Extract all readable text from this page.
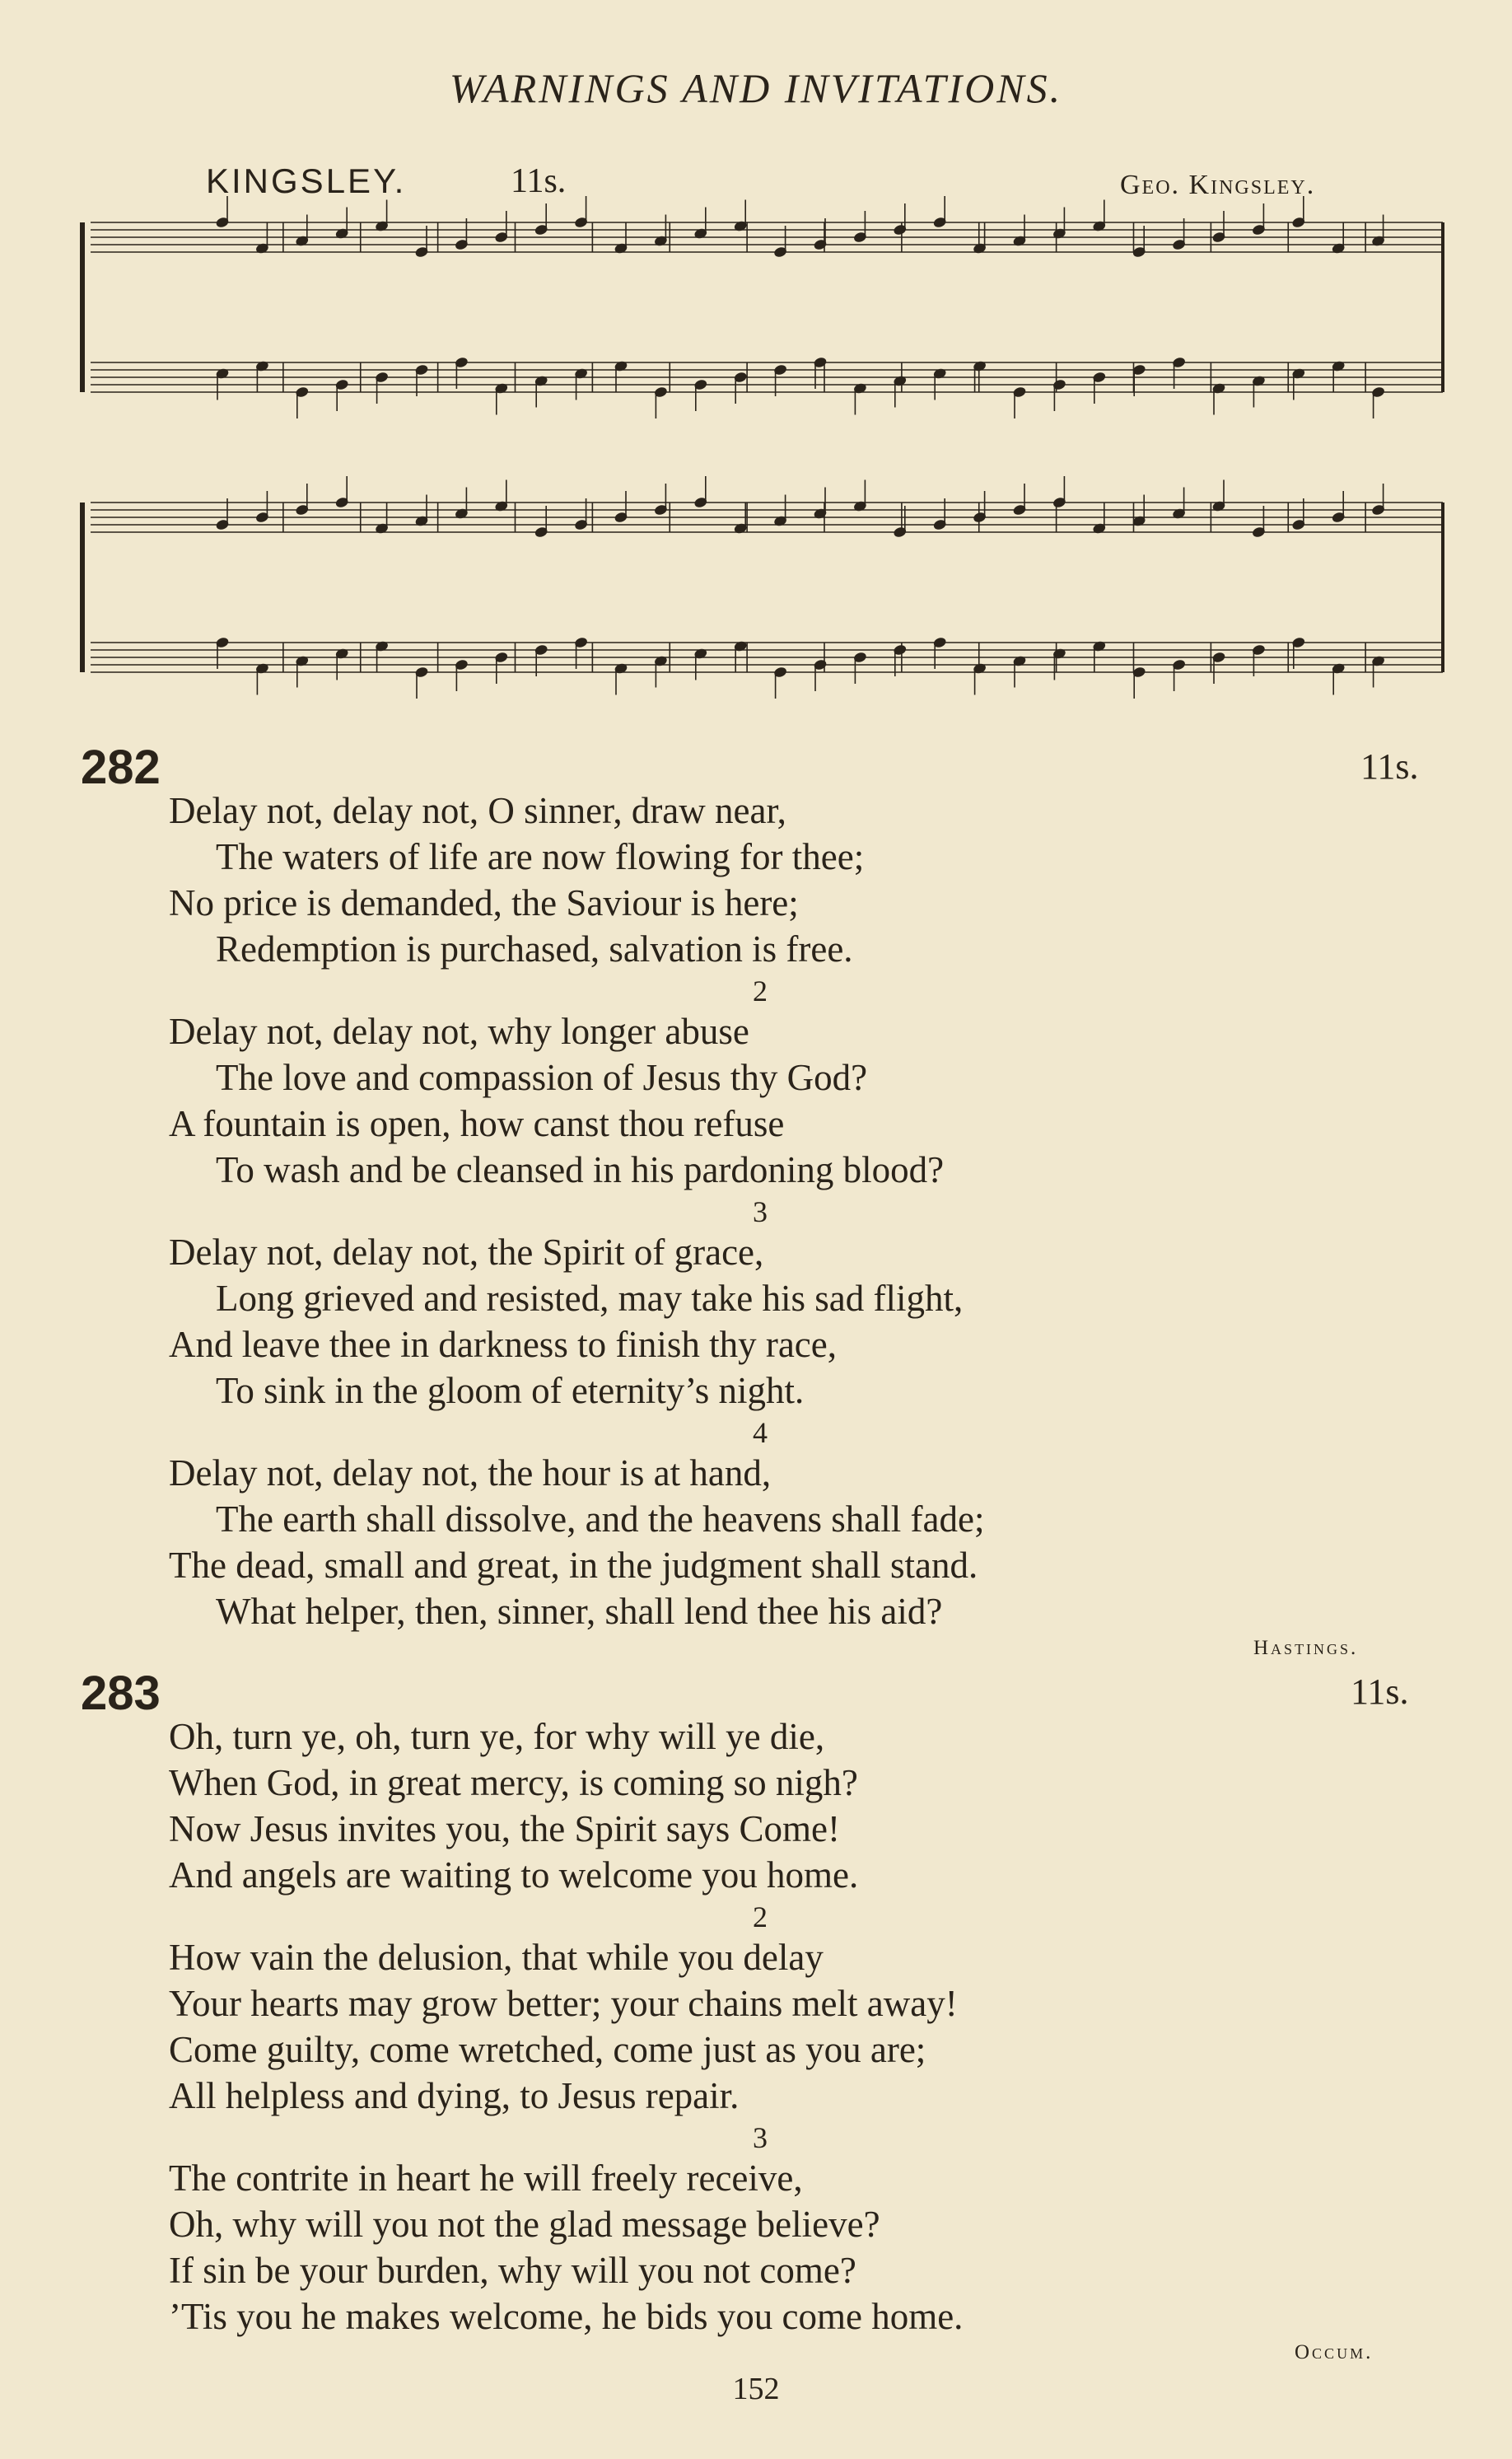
WARNINGS AND INVITATIONS.
KINGSLEY.	11s.	Geo. Kingsley.
282	11s.
Delay not, delay not, O sinner, draw near,
The waters of life are now flowing for thee;
No price is demanded, the Saviour is here;
Redemption is purchased, salvation is free.
2
Delay not, delay not, why longer abuse
The love and compassion of Jesus thy God?
A fountain is open, how canst thou refuse
To wash and be cleansed in his pardoning blood?
3
Delay not, delay not, the Spirit of grace,
Long grieved and resisted, may take his sad flight,
And leave thee in darkness to finish thy race,
To sink in the gloom of eternity’s night.
4
Delay not, delay not, the hour is at hand,
The earth shall dissolve, and the heavens shall fade;
The dead, small and great, in the judgment shall stand.
What helper, then, sinner, shall lend thee his aid?
Hastings.
283	11s.
Oh, turn ye, oh, turn ye, for why will ye die,
When God, in great mercy, is coming so nigh?
Now Jesus invites you, the Spirit says Come!
And angels are waiting to welcome you home.
2
How vain the delusion, that while you delay
Your hearts may grow better; your chains melt away!
Come guilty, come wretched, come just as you are;
All helpless and dying, to Jesus repair.
3
The contrite in heart he will freely receive,
Oh, why will you not the glad message believe?
If sin be your burden, why will you not come?
’Tis you he makes welcome, he bids you come home.
Occum.
152
